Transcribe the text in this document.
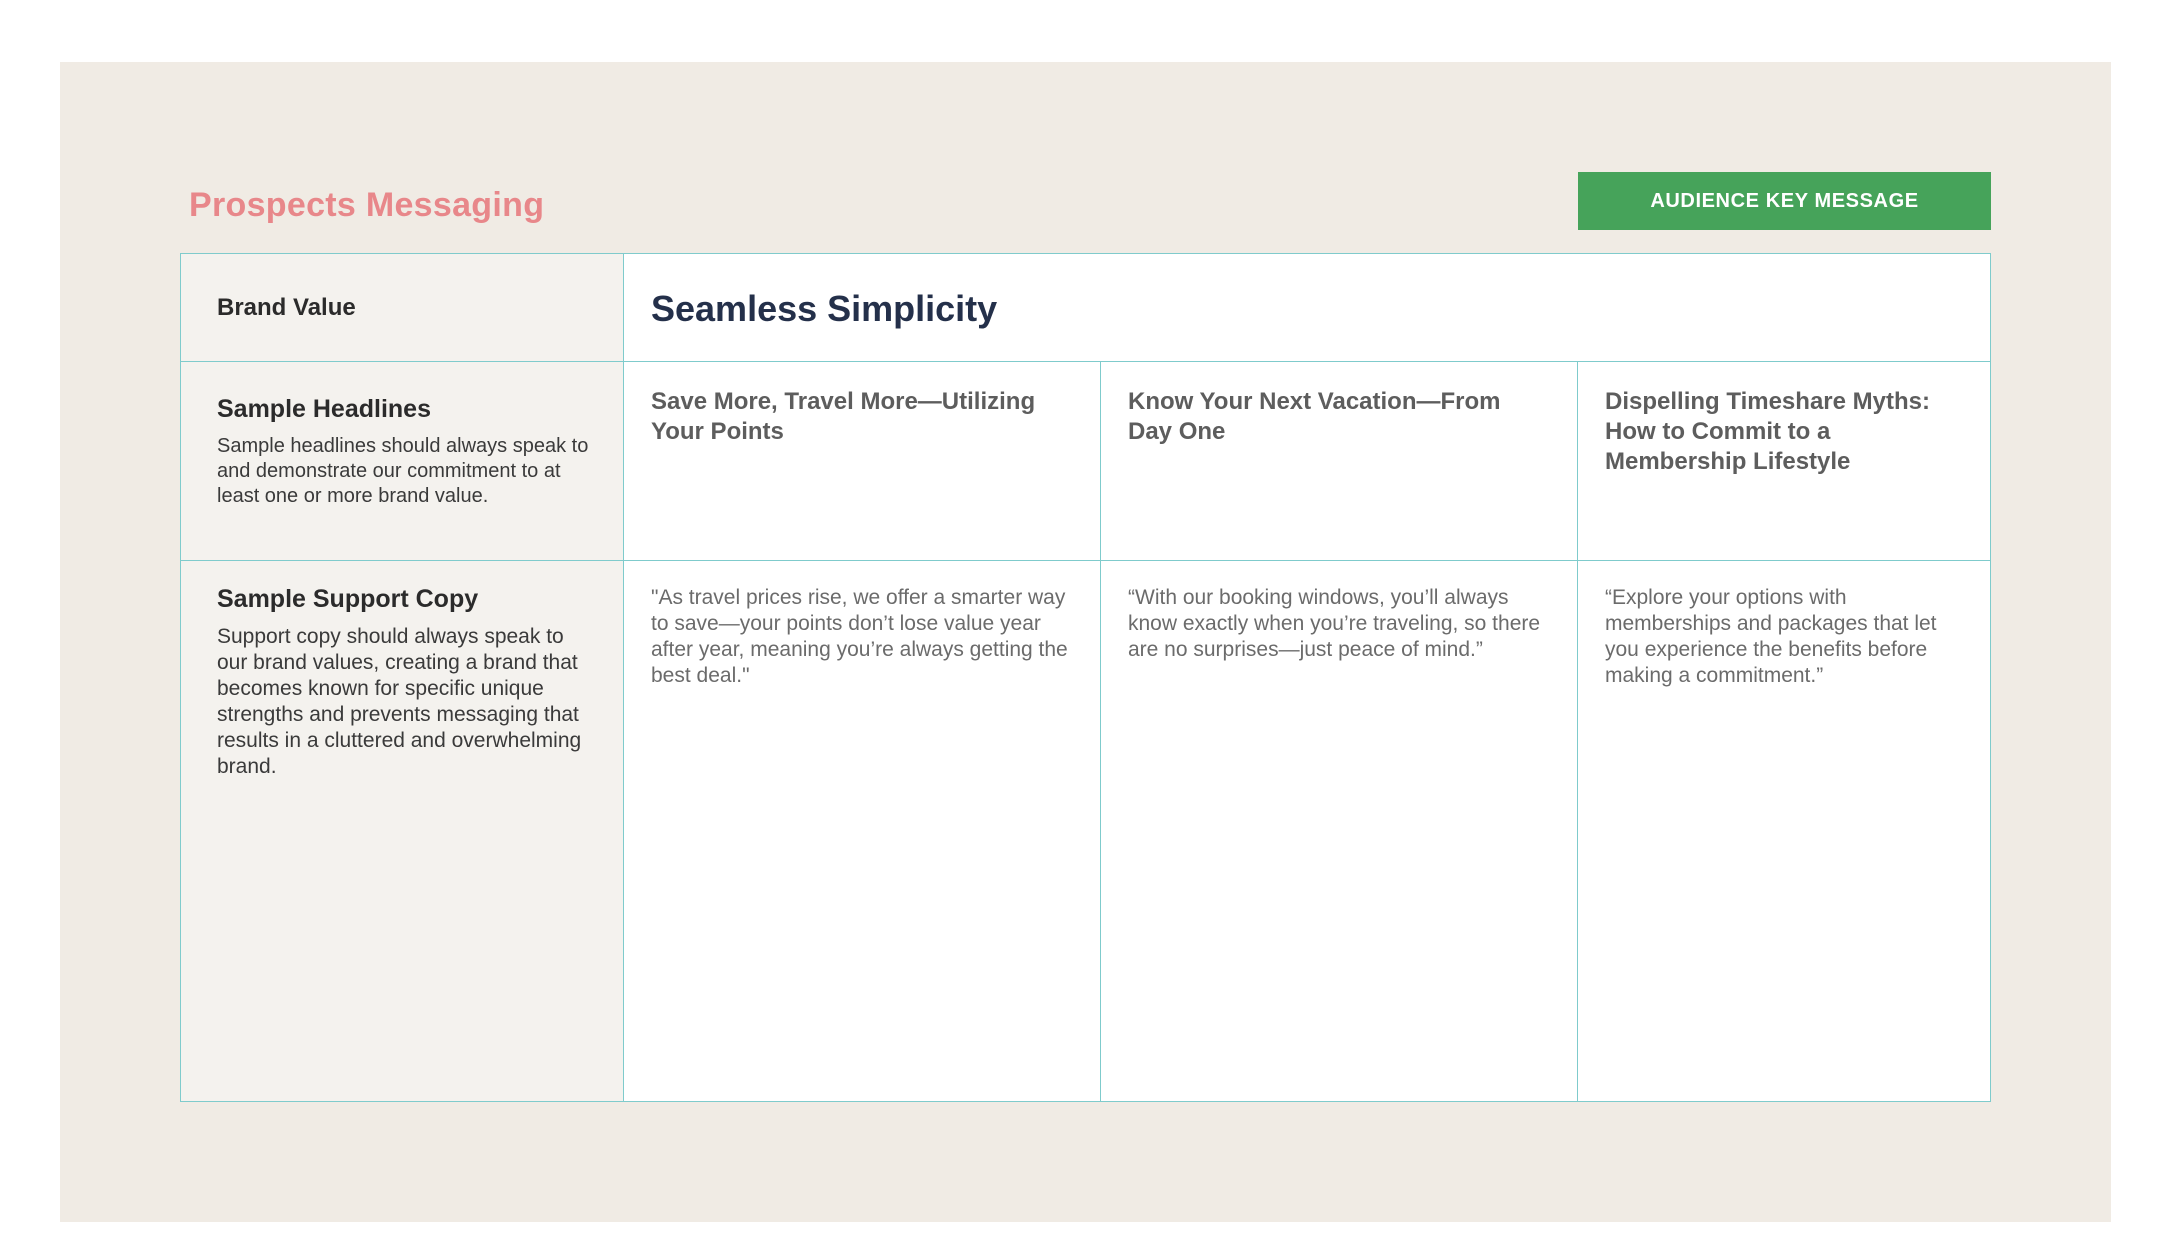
Prospects Messaging	AUDIENCE KEY MESSAGE
Brand Value	Seamless Simplicity

Sample Headlines

Sample headlines should always speak to and demonstrate our commitment to at least one or more brand value.

Save More, Travel More—Utilizing Your Points

Know Your Next Vacation—From Day One

Dispelling Timeshare Myths: How to Commit to a Membership Lifestyle

Sample Support Copy

Support copy should always speak to our brand values, creating a brand that becomes known for specific unique strengths and prevents messaging that results in a cluttered and overwhelming brand.

"As travel prices rise, we offer a smarter way to save—your points don’t lose value year after year, meaning you’re always getting the best deal."

“With our booking windows, you’ll always know exactly when you’re traveling, so there are no surprises—just peace of mind.”

“Explore your options with memberships and packages that let you experience the benefits before making a commitment.”
